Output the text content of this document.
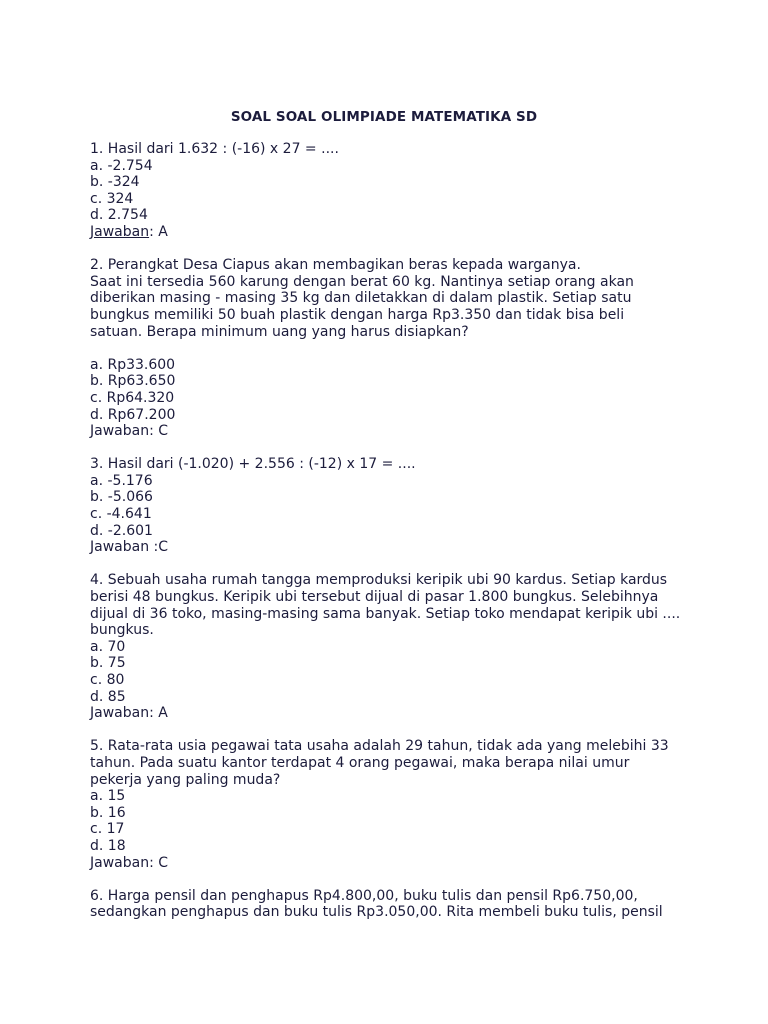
SOAL SOAL OLIMPIADE MATEMATIKA SD
1. Hasil dari 1.632 : (-16) x 27 = ....
a. -2.754
b. -324
c. 324
d. 2.754
Jawaban: A
2. Perangkat Desa Ciapus akan membagikan beras kepada warganya.
Saat ini tersedia 560 karung dengan berat 60 kg. Nantinya setiap orang akan
diberikan masing - masing 35 kg dan diletakkan di dalam plastik. Setiap satu
bungkus memiliki 50 buah plastik dengan harga Rp3.350 dan tidak bisa beli
satuan. Berapa minimum uang yang harus disiapkan?
a. Rp33.600
b. Rp63.650
c. Rp64.320
d. Rp67.200
Jawaban: C
3. Hasil dari (-1.020) + 2.556 : (-12) x 17 = ....
a. -5.176
b. -5.066
c. -4.641
d. -2.601
Jawaban :C
4. Sebuah usaha rumah tangga memproduksi keripik ubi 90 kardus. Setiap kardus
berisi 48 bungkus. Keripik ubi tersebut dijual di pasar 1.800 bungkus. Selebihnya
dijual di 36 toko, masing-masing sama banyak. Setiap toko mendapat keripik ubi ....
bungkus.
a. 70
b. 75
c. 80
d. 85
Jawaban: A
5. Rata-rata usia pegawai tata usaha adalah 29 tahun, tidak ada yang melebihi 33
tahun. Pada suatu kantor terdapat 4 orang pegawai, maka berapa nilai umur
pekerja yang paling muda?
a. 15
b. 16
c. 17
d. 18
Jawaban: C
6. Harga pensil dan penghapus Rp4.800,00, buku tulis dan pensil Rp6.750,00,
sedangkan penghapus dan buku tulis Rp3.050,00. Rita membeli buku tulis, pensil
